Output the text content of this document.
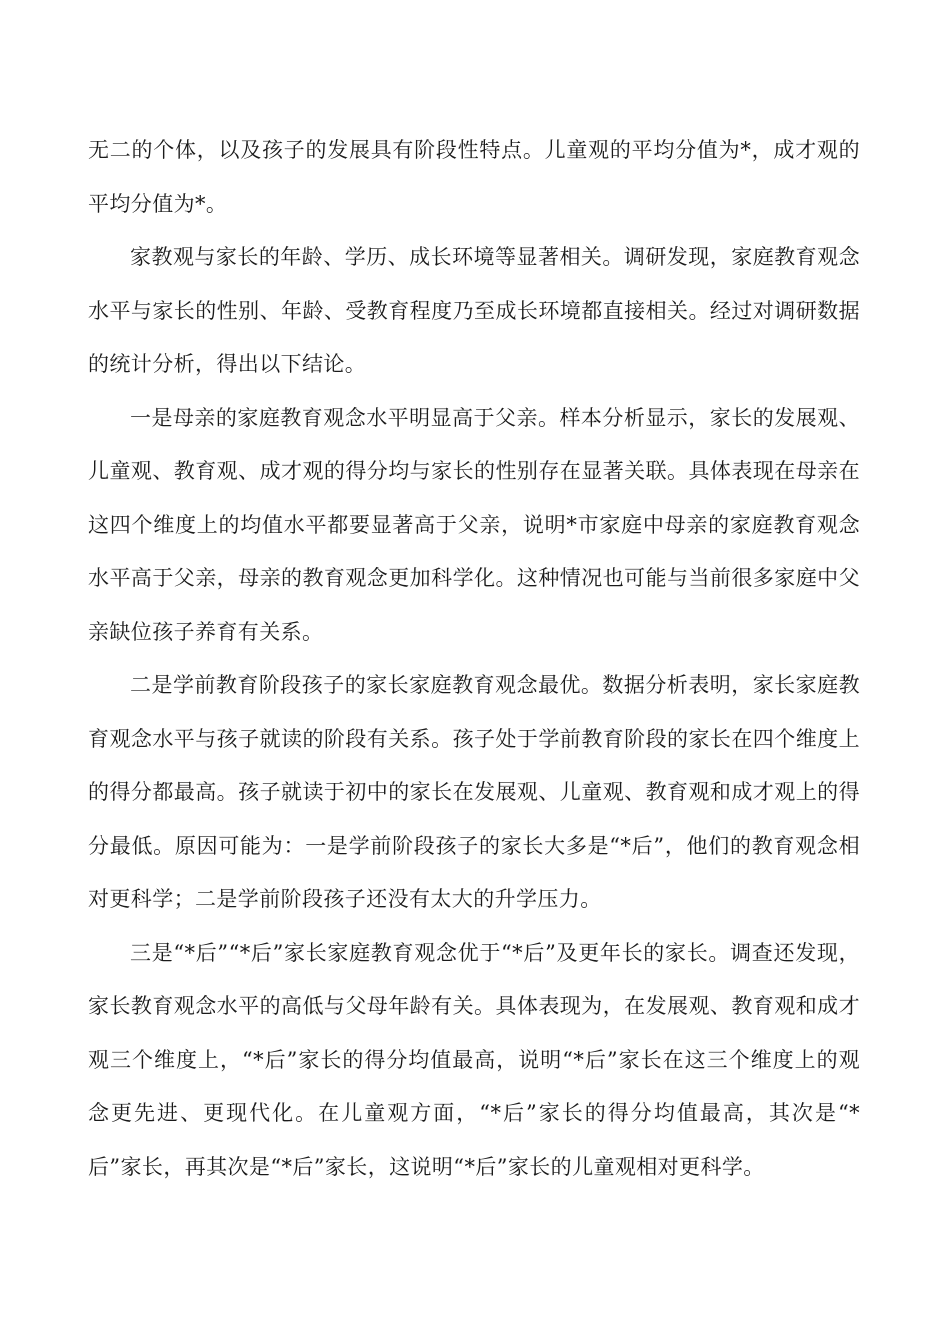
无二的个体，以及孩子的发展具有阶段性特点。儿童观的平均分值为*，成才观的平均分值为*。

家教观与家长的年龄、学历、成长环境等显著相关。调研发现，家庭教育观念水平与家长的性别、年龄、受教育程度乃至成长环境都直接相关。经过对调研数据的统计分析，得出以下结论。

一是母亲的家庭教育观念水平明显高于父亲。样本分析显示，家长的发展观、儿童观、教育观、成才观的得分均与家长的性别存在显著关联。具体表现在母亲在这四个维度上的均值水平都要显著高于父亲，说明*市家庭中母亲的家庭教育观念水平高于父亲，母亲的教育观念更加科学化。这种情况也可能与当前很多家庭中父亲缺位孩子养育有关系。

二是学前教育阶段孩子的家长家庭教育观念最优。数据分析表明，家长家庭教育观念水平与孩子就读的阶段有关系。孩子处于学前教育阶段的家长在四个维度上的得分都最高。孩子就读于初中的家长在发展观、儿童观、教育观和成才观上的得分最低。原因可能为：一是学前阶段孩子的家长大多是“*后”，他们的教育观念相对更科学；二是学前阶段孩子还没有太大的升学压力。

三是“*后”“*后”家长家庭教育观念优于“*后”及更年长的家长。调查还发现，家长教育观念水平的高低与父母年龄有关。具体表现为，在发展观、教育观和成才观三个维度上，“*后”家长的得分均值最高，说明“*后”家长在这三个维度上的观念更先进、更现代化。在儿童观方面，“*后”家长的得分均值最高，其次是“*后”家长，再其次是“*后”家长，这说明“*后”家长的儿童观相对更科学。
